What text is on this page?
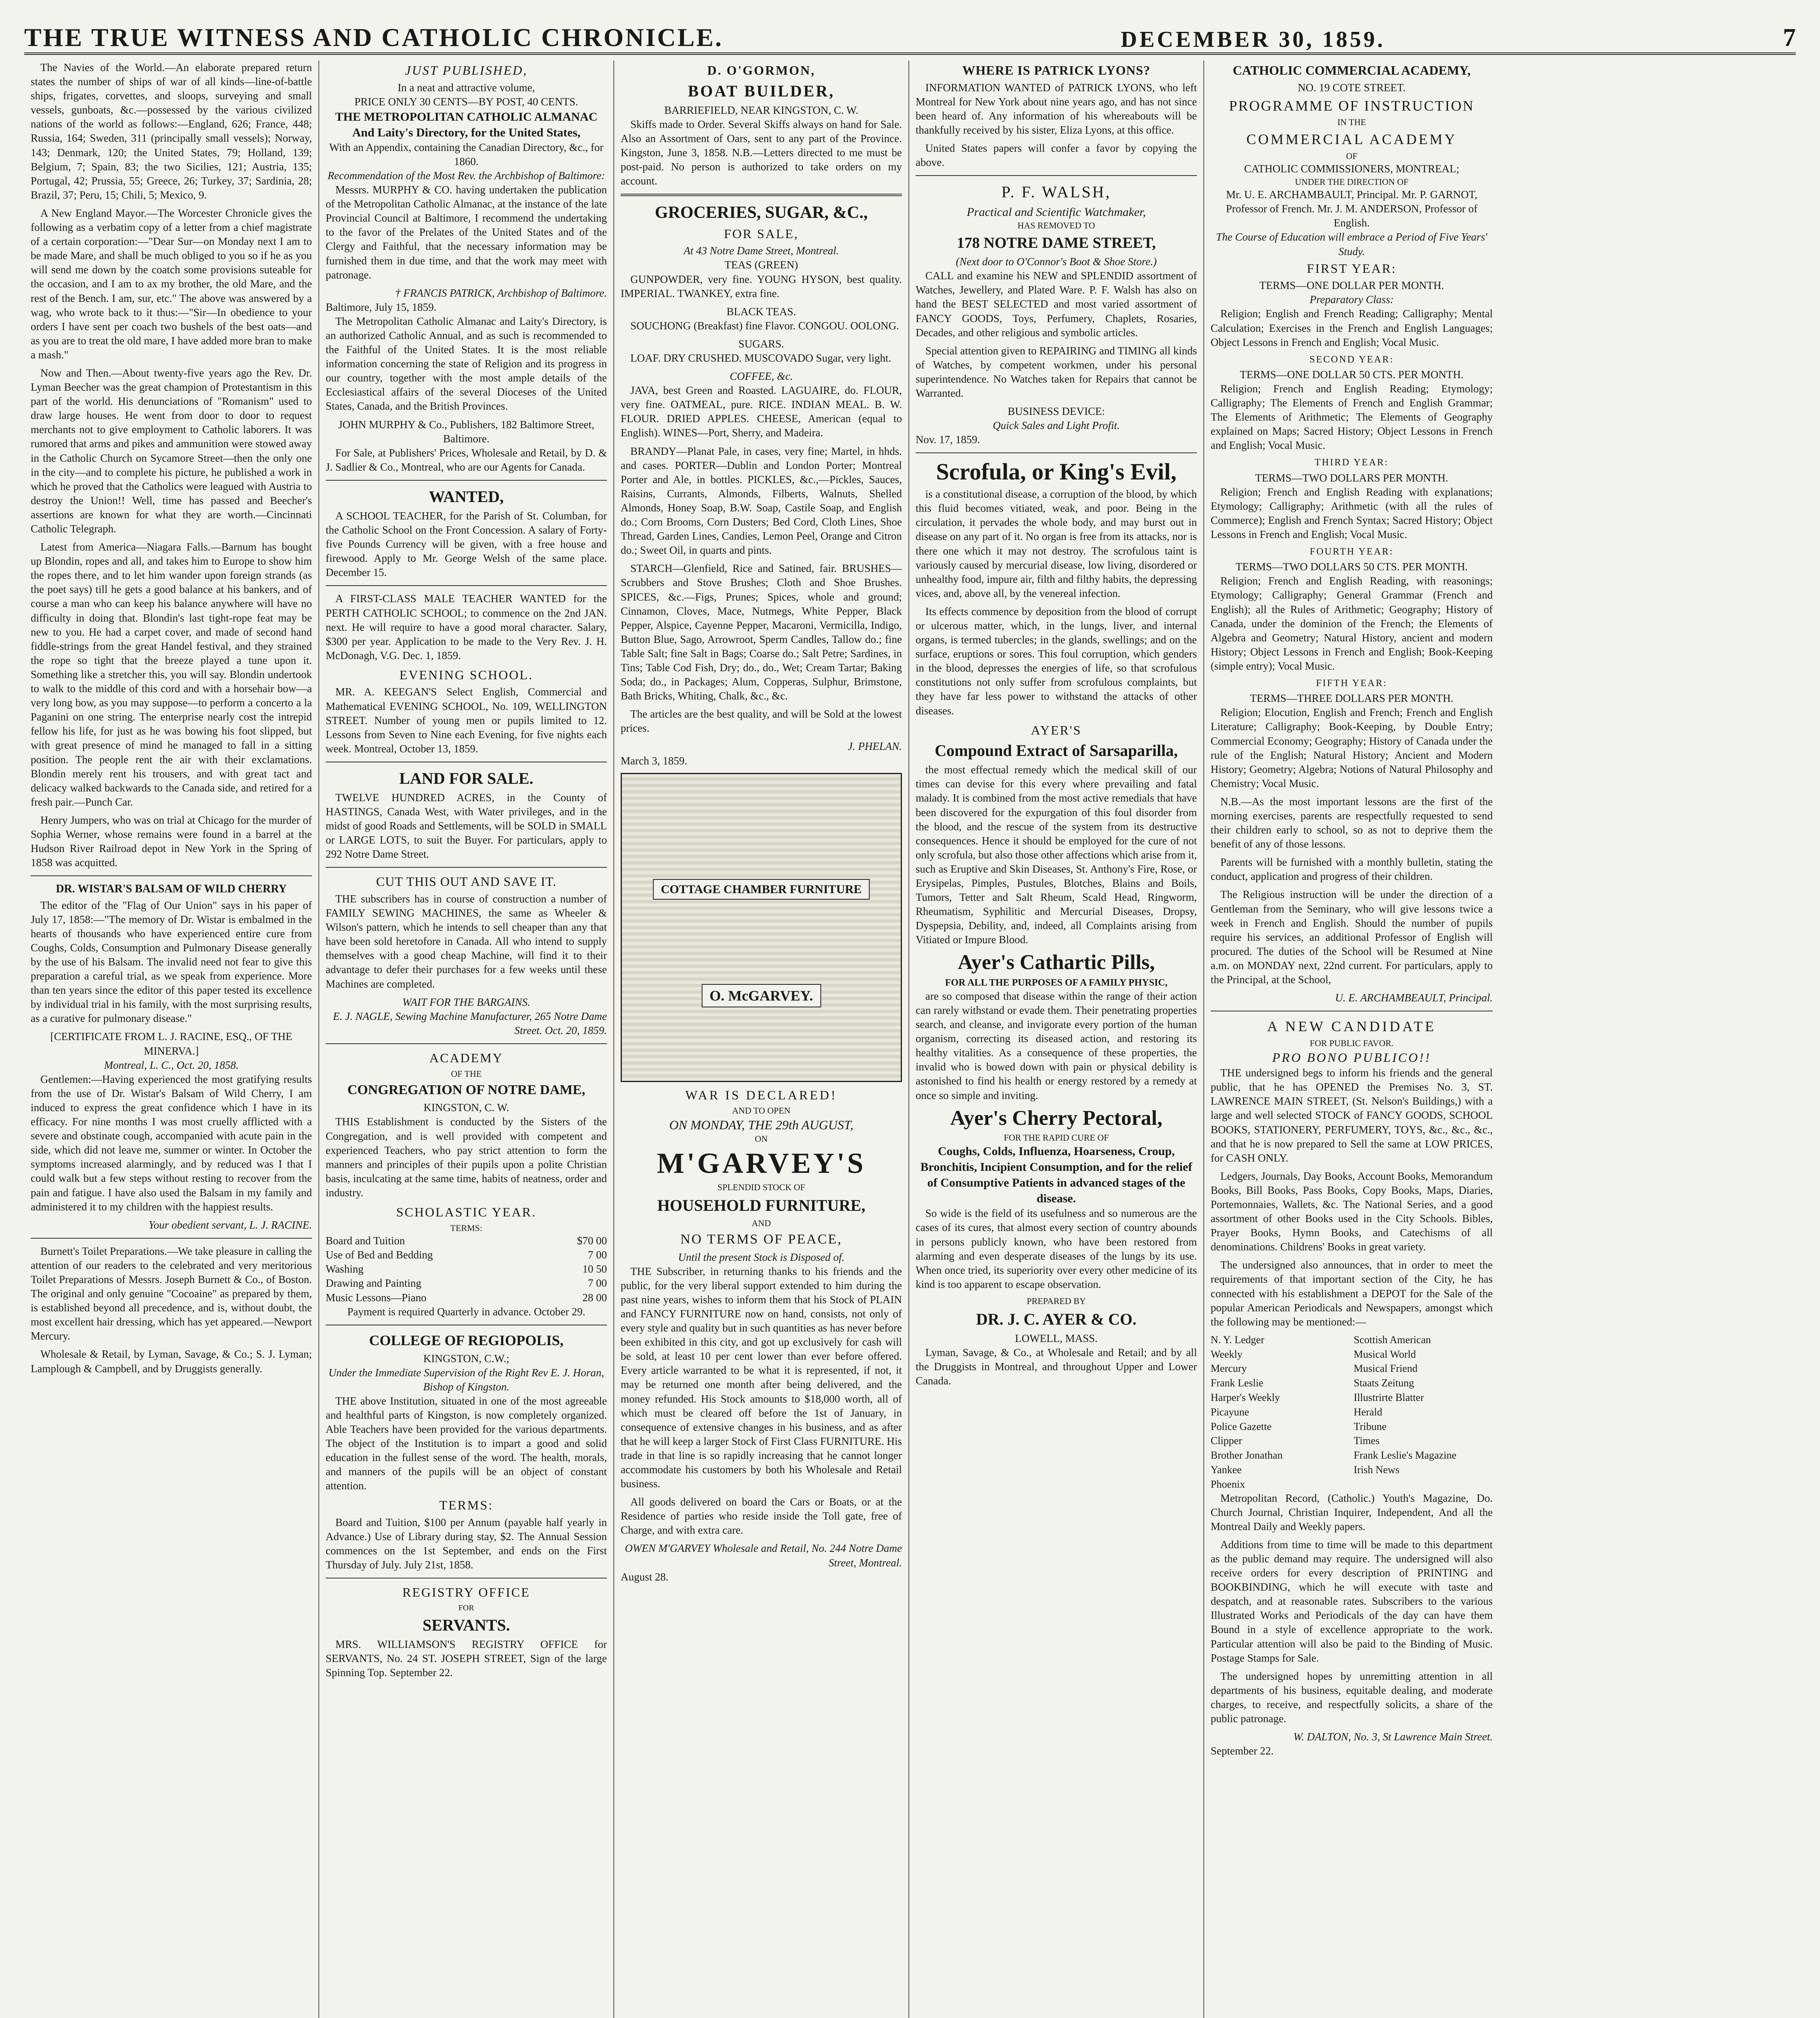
THE TRUE WITNESS AND CATHOLIC CHRONICLE.	DECEMBER 30, 1859.	7

The Navies of the World.—An elaborate prepared return states the number of ships of war of all kinds—line-of-battle ships, frigates, corvettes, and sloops, surveying and small vessels, gunboats, &c.—possessed by the various civilized nations of the world as follows:—England, 626; France, 448; Russia, 164; Sweden, 311 (principally small vessels); Norway, 143; Denmark, 120; the United States, 79; Holland, 139; Belgium, 7; Spain, 83; the two Sicilies, 121; Austria, 135; Portugal, 42; Prussia, 55; Greece, 26; Turkey, 37; Sardinia, 28; Brazil, 37; Peru, 15; Chili, 5; Mexico, 9.

A New England Mayor.—The Worcester Chronicle gives the following as a verbatim copy of a letter from a chief magistrate of a certain corporation:—"Dear Sur—on Monday next I am to be made Mare, and shall be much obliged to you so if he as you will send me down by the coatch some provisions suteable for the occasion, and I am to ax my brother, the old Mare, and the rest of the Bench. I am, sur, etc." The above was answered by a wag, who wrote back to it thus:—"Sir—In obedience to your orders I have sent per coach two bushels of the best oats—and as you are to treat the old mare, I have added more bran to make a mash."

Now and Then.—About twenty-five years ago the Rev. Dr. Lyman Beecher was the great champion of Protestantism in this part of the world. His denunciations of "Romanism" used to draw large houses. He went from door to door to request merchants not to give employment to Catholic laborers. It was rumored that arms and pikes and ammunition were stowed away in the Catholic Church on Sycamore Street—then the only one in the city—and to complete his picture, he published a work in which he proved that the Catholics were leagued with Austria to destroy the Union!! Well, time has passed and Beecher's assertions are known for what they are worth.—Cincinnati Catholic Telegraph.

Latest from America—Niagara Falls.—Barnum has bought up Blondin, ropes and all, and takes him to Europe to show him the ropes there, and to let him wander upon foreign strands (as the poet says) till he gets a good balance at his bankers, and of course a man who can keep his balance anywhere will have no difficulty in doing that. Blondin's last tight-rope feat may be new to you. He had a carpet cover, and made of second hand fiddle-strings from the great Handel festival, and they strained the rope so tight that the breeze played a tune upon it. Something like a stretcher this, you will say. Blondin undertook to walk to the middle of this cord and with a horsehair bow—a very long bow, as you may suppose—to perform a concerto a la Paganini on one string. The enterprise nearly cost the intrepid fellow his life, for just as he was bowing his foot slipped, but with great presence of mind he managed to fall in a sitting position. The people rent the air with their exclamations. Blondin merely rent his trousers, and with great tact and delicacy walked backwards to the Canada side, and retired for a fresh pair.—Punch Car.

Henry Jumpers, who was on trial at Chicago for the murder of Sophia Werner, whose remains were found in a barrel at the Hudson River Railroad depot in New York in the Spring of 1858 was acquitted.

DR. WISTAR'S BALSAM OF WILD CHERRY

The editor of the "Flag of Our Union" says in his paper of July 17, 1858:—"The memory of Dr. Wistar is embalmed in the hearts of thousands who have experienced entire cure from Coughs, Colds, Consumption and Pulmonary Disease generally by the use of his Balsam. The invalid need not fear to give this preparation a careful trial, as we speak from experience. More than ten years since the editor of this paper tested its excellence by individual trial in his family, with the most surprising results, as a curative for pulmonary disease."

[CERTIFICATE FROM L. J. RACINE, ESQ., OF THE MINERVA.]
Montreal, L. C., Oct. 20, 1858.

Gentlemen:—Having experienced the most gratifying results from the use of Dr. Wistar's Balsam of Wild Cherry, I am induced to express the great confidence which I have in its efficacy. For nine months I was most cruelly afflicted with a severe and obstinate cough, accompanied with acute pain in the side, which did not leave me, summer or winter. In October the symptoms increased alarmingly, and by reduced was I that I could walk but a few steps without resting to recover from the pain and fatigue. I have also used the Balsam in my family and administered it to my children with the happiest results.

Your obedient servant, L. J. RACINE.

Burnett's Toilet Preparations.—We take pleasure in calling the attention of our readers to the celebrated and very meritorious Toilet Preparations of Messrs. Joseph Burnett & Co., of Boston. The original and only genuine "Cocoaine" as prepared by them, is established beyond all precedence, and is, without doubt, the most excellent hair dressing, which has yet appeared.—Newport Mercury.

Wholesale & Retail, by Lyman, Savage, & Co.; S. J. Lyman; Lamplough & Campbell, and by Druggists generally.

JUST PUBLISHED,
In a neat and attractive volume,
PRICE ONLY 30 CENTS—BY POST, 40 CENTS.
THE METROPOLITAN CATHOLIC ALMANAC And Laity's Directory, for the United States,
With an Appendix, containing the Canadian Directory, &c., for 1860.
Recommendation of the Most Rev. the Archbishop of Baltimore:

Messrs. MURPHY & CO. having undertaken the publication of the Metropolitan Catholic Almanac, at the instance of the late Provincial Council at Baltimore, I recommend the undertaking to the favor of the Prelates of the United States and of the Clergy and Faithful, that the necessary information may be furnished them in due time, and that the work may meet with patronage.

† FRANCIS PATRICK, Archbishop of Baltimore.
Baltimore, July 15, 1859.

The Metropolitan Catholic Almanac and Laity's Directory, is an authorized Catholic Annual, and as such is recommended to the Faithful of the United States. It is the most reliable information concerning the state of Religion and its progress in our country, together with the most ample details of the Ecclesiastical affairs of the several Dioceses of the United States, Canada, and the British Provinces.

JOHN MURPHY & Co., Publishers, 182 Baltimore Street, Baltimore.

For Sale, at Publishers' Prices, Wholesale and Retail, by D. & J. Sadlier & Co., Montreal, who are our Agents for Canada.

WANTED,

A SCHOOL TEACHER, for the Parish of St. Columban, for the Catholic School on the Front Concession. A salary of Forty-five Pounds Currency will be given, with a free house and firewood. Apply to Mr. George Welsh of the same place. December 15.

A FIRST-CLASS MALE TEACHER WANTED for the PERTH CATHOLIC SCHOOL; to commence on the 2nd JAN. next. He will require to have a good moral character. Salary, $300 per year. Application to be made to the Very Rev. J. H. McDonagh, V.G. Dec. 1, 1859.

EVENING SCHOOL.

MR. A. KEEGAN'S Select English, Commercial and Mathematical EVENING SCHOOL, No. 109, WELLINGTON STREET. Number of young men or pupils limited to 12. Lessons from Seven to Nine each Evening, for five nights each week. Montreal, October 13, 1859.

LAND FOR SALE.

TWELVE HUNDRED ACRES, in the County of HASTINGS, Canada West, with Water privileges, and in the midst of good Roads and Settlements, will be SOLD in SMALL or LARGE LOTS, to suit the Buyer. For particulars, apply to 292 Notre Dame Street.

CUT THIS OUT AND SAVE IT.

THE subscribers has in course of construction a number of FAMILY SEWING MACHINES, the same as Wheeler & Wilson's pattern, which he intends to sell cheaper than any that have been sold heretofore in Canada. All who intend to supply themselves with a good cheap Machine, will find it to their advantage to defer their purchases for a few weeks until these Machines are completed.

WAIT FOR THE BARGAINS.
E. J. NAGLE, Sewing Machine Manufacturer, 265 Notre Dame Street. Oct. 20, 1859.
ACADEMY
OF THE
CONGREGATION OF NOTRE DAME,
KINGSTON, C. W.

THIS Establishment is conducted by the Sisters of the Congregation, and is well provided with competent and experienced Teachers, who pay strict attention to form the manners and principles of their pupils upon a polite Christian basis, inculcating at the same time, habits of neatness, order and industry.

SCHOLASTIC YEAR.
TERMS:
Board and Tuition	$70 00
Use of Bed and Bedding	7 00
Washing	10 50
Drawing and Painting	7 00
Music Lessons—Piano	28 00
Payment is required Quarterly in advance. October 29.
COLLEGE OF REGIOPOLIS,
KINGSTON, C.W.;
Under the Immediate Supervision of the Right Rev E. J. Horan, Bishop of Kingston.

THE above Institution, situated in one of the most agreeable and healthful parts of Kingston, is now completely organized. Able Teachers have been provided for the various departments. The object of the Institution is to impart a good and solid education in the fullest sense of the word. The health, morals, and manners of the pupils will be an object of constant attention.

TERMS:

Board and Tuition, $100 per Annum (payable half yearly in Advance.) Use of Library during stay, $2. The Annual Session commences on the 1st September, and ends on the First Thursday of July. July 21st, 1858.

REGISTRY OFFICE
FOR
SERVANTS.

MRS. WILLIAMSON'S REGISTRY OFFICE for SERVANTS, No. 24 ST. JOSEPH STREET, Sign of the large Spinning Top. September 22.

D. O'GORMON,
BOAT BUILDER,
BARRIEFIELD, NEAR KINGSTON, C. W.

Skiffs made to Order. Several Skiffs always on hand for Sale. Also an Assortment of Oars, sent to any part of the Province. Kingston, June 3, 1858. N.B.—Letters directed to me must be post-paid. No person is authorized to take orders on my account.

GROCERIES, SUGAR, &C.,
FOR SALE,
At 43 Notre Dame Street, Montreal.
TEAS (GREEN)

GUNPOWDER, very fine. YOUNG HYSON, best quality. IMPERIAL. TWANKEY, extra fine.

BLACK TEAS.

SOUCHONG (Breakfast) fine Flavor. CONGOU. OOLONG.

SUGARS.

LOAF. DRY CRUSHED. MUSCOVADO Sugar, very light.

COFFEE, &c.

JAVA, best Green and Roasted. LAGUAIRE, do. FLOUR, very fine. OATMEAL, pure. RICE. INDIAN MEAL. B. W. FLOUR. DRIED APPLES. CHEESE, American (equal to English). WINES—Port, Sherry, and Madeira.

BRANDY—Planat Pale, in cases, very fine; Martel, in hhds. and cases. PORTER—Dublin and London Porter; Montreal Porter and Ale, in bottles. PICKLES, &c.,—Pickles, Sauces, Raisins, Currants, Almonds, Filberts, Walnuts, Shelled Almonds, Honey Soap, B.W. Soap, Castile Soap, and English do.; Corn Brooms, Corn Dusters; Bed Cord, Cloth Lines, Shoe Thread, Garden Lines, Candies, Lemon Peel, Orange and Citron do.; Sweet Oil, in quarts and pints.

STARCH—Glenfield, Rice and Satined, fair. BRUSHES—Scrubbers and Stove Brushes; Cloth and Shoe Brushes. SPICES, &c.—Figs, Prunes; Spices, whole and ground; Cinnamon, Cloves, Mace, Nutmegs, White Pepper, Black Pepper, Alspice, Cayenne Pepper, Macaroni, Vermicilla, Indigo, Button Blue, Sago, Arrowroot, Sperm Candles, Tallow do.; fine Table Salt; fine Salt in Bags; Coarse do.; Salt Petre; Sardines, in Tins; Table Cod Fish, Dry; do., do., Wet; Cream Tartar; Baking Soda; do., in Packages; Alum, Copperas, Sulphur, Brimstone, Bath Bricks, Whiting, Chalk, &c., &c.

The articles are the best quality, and will be Sold at the lowest prices.

J. PHELAN.
March 3, 1859.
COTTAGE CHAMBER FURNITURE
O. McGARVEY.
WAR IS DECLARED!
AND TO OPEN
ON MONDAY, THE 29th AUGUST,
ON
M'GARVEY'S
SPLENDID STOCK OF
HOUSEHOLD FURNITURE,
AND
NO TERMS OF PEACE,
Until the present Stock is Disposed of.

THE Subscriber, in returning thanks to his friends and the public, for the very liberal support extended to him during the past nine years, wishes to inform them that his Stock of PLAIN and FANCY FURNITURE now on hand, consists, not only of every style and quality but in such quantities as has never before been exhibited in this city, and got up exclusively for cash will be sold, at least 10 per cent lower than ever before offered. Every article warranted to be what it is represented, if not, it may be returned one month after being delivered, and the money refunded. His Stock amounts to $18,000 worth, all of which must be cleared off before the 1st of January, in consequence of extensive changes in his business, and as after that he will keep a larger Stock of First Class FURNITURE. His trade in that line is so rapidly increasing that he cannot longer accommodate his customers by both his Wholesale and Retail business.

All goods delivered on board the Cars or Boats, or at the Residence of parties who reside inside the Toll gate, free of Charge, and with extra care.

OWEN M'GARVEY Wholesale and Retail, No. 244 Notre Dame Street, Montreal.
August 28.
WHERE IS PATRICK LYONS?

INFORMATION WANTED of PATRICK LYONS, who left Montreal for New York about nine years ago, and has not since been heard of. Any information of his whereabouts will be thankfully received by his sister, Eliza Lyons, at this office.

United States papers will confer a favor by copying the above.

P. F. WALSH,
Practical and Scientific Watchmaker,
HAS REMOVED TO
178 NOTRE DAME STREET,
(Next door to O'Connor's Boot & Shoe Store.)

CALL and examine his NEW and SPLENDID assortment of Watches, Jewellery, and Plated Ware. P. F. Walsh has also on hand the BEST SELECTED and most varied assortment of FANCY GOODS, Toys, Perfumery, Chaplets, Rosaries, Decades, and other religious and symbolic articles.

Special attention given to REPAIRING and TIMING all kinds of Watches, by competent workmen, under his personal superintendence. No Watches taken for Repairs that cannot be Warranted.

BUSINESS DEVICE:
Quick Sales and Light Profit.
Nov. 17, 1859.
Scrofula, or King's Evil,

is a constitutional disease, a corruption of the blood, by which this fluid becomes vitiated, weak, and poor. Being in the circulation, it pervades the whole body, and may burst out in disease on any part of it. No organ is free from its attacks, nor is there one which it may not destroy. The scrofulous taint is variously caused by mercurial disease, low living, disordered or unhealthy food, impure air, filth and filthy habits, the depressing vices, and, above all, by the venereal infection.

Its effects commence by deposition from the blood of corrupt or ulcerous matter, which, in the lungs, liver, and internal organs, is termed tubercles; in the glands, swellings; and on the surface, eruptions or sores. This foul corruption, which genders in the blood, depresses the energies of life, so that scrofulous constitutions not only suffer from scrofulous complaints, but they have far less power to withstand the attacks of other diseases.

AYER'S
Compound Extract of Sarsaparilla,

the most effectual remedy which the medical skill of our times can devise for this every where prevailing and fatal malady. It is combined from the most active remedials that have been discovered for the expurgation of this foul disorder from the blood, and the rescue of the system from its destructive consequences. Hence it should be employed for the cure of not only scrofula, but also those other affections which arise from it, such as Eruptive and Skin Diseases, St. Anthony's Fire, Rose, or Erysipelas, Pimples, Pustules, Blotches, Blains and Boils, Tumors, Tetter and Salt Rheum, Scald Head, Ringworm, Rheumatism, Syphilitic and Mercurial Diseases, Dropsy, Dyspepsia, Debility, and, indeed, all Complaints arising from Vitiated or Impure Blood.

Ayer's Cathartic Pills,
FOR ALL THE PURPOSES OF A FAMILY PHYSIC,

are so composed that disease within the range of their action can rarely withstand or evade them. Their penetrating properties search, and cleanse, and invigorate every portion of the human organism, correcting its diseased action, and restoring its healthy vitalities. As a consequence of these properties, the invalid who is bowed down with pain or physical debility is astonished to find his health or energy restored by a remedy at once so simple and inviting.

Ayer's Cherry Pectoral,
FOR THE RAPID CURE OF
Coughs, Colds, Influenza, Hoarseness, Croup, Bronchitis, Incipient Consumption, and for the relief of Consumptive Patients in advanced stages of the disease.

So wide is the field of its usefulness and so numerous are the cases of its cures, that almost every section of country abounds in persons publicly known, who have been restored from alarming and even desperate diseases of the lungs by its use. When once tried, its superiority over every other medicine of its kind is too apparent to escape observation.

PREPARED BY
DR. J. C. AYER & CO.
LOWELL, MASS.

Lyman, Savage, & Co., at Wholesale and Retail; and by all the Druggists in Montreal, and throughout Upper and Lower Canada.

CATHOLIC COMMERCIAL ACADEMY,
NO. 19 COTE STREET.
PROGRAMME OF INSTRUCTION
IN THE
COMMERCIAL ACADEMY
OF
CATHOLIC COMMISSIONERS, MONTREAL;
UNDER THE DIRECTION OF
Mr. U. E. ARCHAMBAULT, Principal. Mr. P. GARNOT, Professor of French. Mr. J. M. ANDERSON, Professor of English.
The Course of Education will embrace a Period of Five Years' Study.
FIRST YEAR:
TERMS—ONE DOLLAR PER MONTH.
Preparatory Class:

Religion; English and French Reading; Calligraphy; Mental Calculation; Exercises in the French and English Languages; Object Lessons in French and English; Vocal Music.

SECOND YEAR:
TERMS—ONE DOLLAR 50 CTS. PER MONTH.

Religion; French and English Reading; Etymology; Calligraphy; The Elements of French and English Grammar; The Elements of Arithmetic; The Elements of Geography explained on Maps; Sacred History; Object Lessons in French and English; Vocal Music.

THIRD YEAR:
TERMS—TWO DOLLARS PER MONTH.

Religion; French and English Reading with explanations; Etymology; Calligraphy; Arithmetic (with all the rules of Commerce); English and French Syntax; Sacred History; Object Lessons in French and English; Vocal Music.

FOURTH YEAR:
TERMS—TWO DOLLARS 50 CTS. PER MONTH.

Religion; French and English Reading, with reasonings; Etymology; Calligraphy; General Grammar (French and English); all the Rules of Arithmetic; Geography; History of Canada, under the dominion of the French; the Elements of Algebra and Geometry; Natural History, ancient and modern History; Object Lessons in French and English; Book-Keeping (simple entry); Vocal Music.

FIFTH YEAR:
TERMS—THREE DOLLARS PER MONTH.

Religion; Elocution, English and French; French and English Literature; Calligraphy; Book-Keeping, by Double Entry; Commercial Economy; Geography; History of Canada under the rule of the English; Natural History; Ancient and Modern History; Geometry; Algebra; Notions of Natural Philosophy and Chemistry; Vocal Music.

N.B.—As the most important lessons are the first of the morning exercises, parents are respectfully requested to send their children early to school, so as not to deprive them the benefit of any of those lessons.

Parents will be furnished with a monthly bulletin, stating the conduct, application and progress of their children.

The Religious instruction will be under the direction of a Gentleman from the Seminary, who will give lessons twice a week in French and English. Should the number of pupils require his services, an additional Professor of English will procured. The duties of the School will be Resumed at Nine a.m. on MONDAY next, 22nd current. For particulars, apply to the Principal, at the School,

U. E. ARCHAMBEAULT, Principal.
A NEW CANDIDATE
FOR PUBLIC FAVOR.
PRO BONO PUBLICO!!

THE undersigned begs to inform his friends and the general public, that he has OPENED the Premises No. 3, ST. LAWRENCE MAIN STREET, (St. Nelson's Buildings,) with a large and well selected STOCK of FANCY GOODS, SCHOOL BOOKS, STATIONERY, PERFUMERY, TOYS, &c., &c., &c., and that he is now prepared to Sell the same at LOW PRICES, for CASH ONLY.

Ledgers, Journals, Day Books, Account Books, Memorandum Books, Bill Books, Pass Books, Copy Books, Maps, Diaries, Portemonnaies, Wallets, &c. The National Series, and a good assortment of other Books used in the City Schools. Bibles, Prayer Books, Hymn Books, and Catechisms of all denominations. Childrens' Books in great variety.

The undersigned also announces, that in order to meet the requirements of that important section of the City, he has connected with his establishment a DEPOT for the Sale of the popular American Periodicals and Newspapers, amongst which the following may be mentioned:—

N. Y. Ledger	Scottish American
Weekly	Musical World
Mercury	Musical Friend
Frank Leslie	Staats Zeitung
Harper's Weekly	Illustrirte Blatter
Picayune	Herald
Police Gazette	Tribune
Clipper	Times
Brother Jonathan	Frank Leslie's Magazine
Yankee	Irish News
Phoenix

Metropolitan Record, (Catholic.) Youth's Magazine, Do. Church Journal, Christian Inquirer, Independent, And all the Montreal Daily and Weekly papers.

Additions from time to time will be made to this department as the public demand may require. The undersigned will also receive orders for every description of PRINTING and BOOKBINDING, which he will execute with taste and despatch, and at reasonable rates. Subscribers to the various Illustrated Works and Periodicals of the day can have them Bound in a style of excellence appropriate to the work. Particular attention will also be paid to the Binding of Music. Postage Stamps for Sale.

The undersigned hopes by unremitting attention in all departments of his business, equitable dealing, and moderate charges, to receive, and respectfully solicits, a share of the public patronage.

W. DALTON, No. 3, St Lawrence Main Street.
September 22.
